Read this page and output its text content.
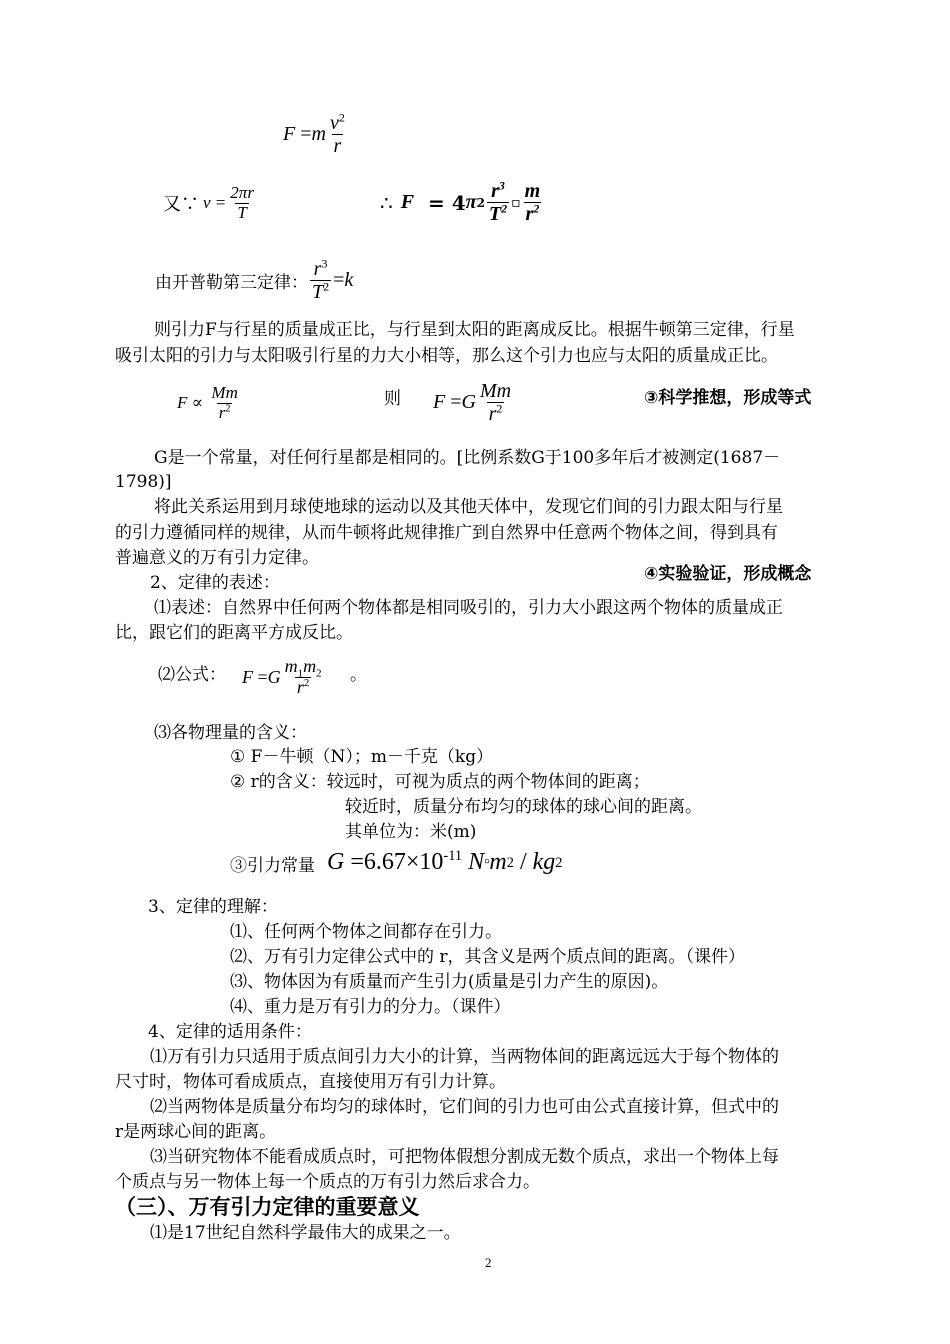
F = m $\frac{v^2}{r}$
又∵ $v = \frac{2\pi r}{T}$	∴ F = 4 π $2 \frac{r^3}{T^2}$ ▫ $\frac{m}{r^2}$
由开普勒第三定律： $\frac{r^3}{T^2} =k$
则引力F与行星的质量成正比，与行星到太阳的距离成反比。根据牛顿第三定律，行星
吸引太阳的引力与太阳吸引行星的力大小相等，那么这个引力也应与太阳的质量成正比。
$F \propto \frac{Mm}{r^2}$	则 F = G $\frac{Mm}{r^2}$	③科学推想，形成等式
G是一个常量，对任何行星都是相同的。[比例系数G于100多年后才被测定(1687－
1798)]
将此关系运用到月球使地球的运动以及其他天体中，发现它们间的引力跟太阳与行星
的引力遵循同样的规律，从而牛顿将此规律推广到自然界中任意两个物体之间，得到具有
普遍意义的万有引力定律。
2、定律的表述：	④实验验证，形成概念
⑴表述：自然界中任何两个物体都是相同吸引的，引力大小跟这两个物体的质量成正
比，跟它们的距离平方成反比。
⑵公式： F = G $\frac{m_1m_2}{r^2}$ 。
⑶各物理量的含义：
① F－牛顿（N）；m－千克（kg）
② r的含义：较远时，可视为质点的两个物体间的距离；
较近时，质量分布均匀的球体的球心间的距离。
其单位为：米(m)
③引力常量 $G =6.67\times 10^{-11}$ N ▫ m 2 / kg 2
3、定律的理解：
⑴、任何两个物体之间都存在引力。
⑵、万有引力定律公式中的 r，其含义是两个质点间的距离。（课件）
⑶、物体因为有质量而产生引力(质量是引力产生的原因)。
⑷、重力是万有引力的分力。（课件）
4、定律的适用条件：
⑴万有引力只适用于质点间引力大小的计算，当两物体间的距离远远大于每个物体的
尺寸时，物体可看成质点，直接使用万有引力计算。
⑵当两物体是质量分布均匀的球体时，它们间的引力也可由公式直接计算，但式中的
r是两球心间的距离。
⑶当研究物体不能看成质点时，可把物体假想分割成无数个质点，求出一个物体上每
个质点与另一物体上每一个质点的万有引力然后求合力。
（三）、万有引力定律的重要意义
⑴是17世纪自然科学最伟大的成果之一。
2
